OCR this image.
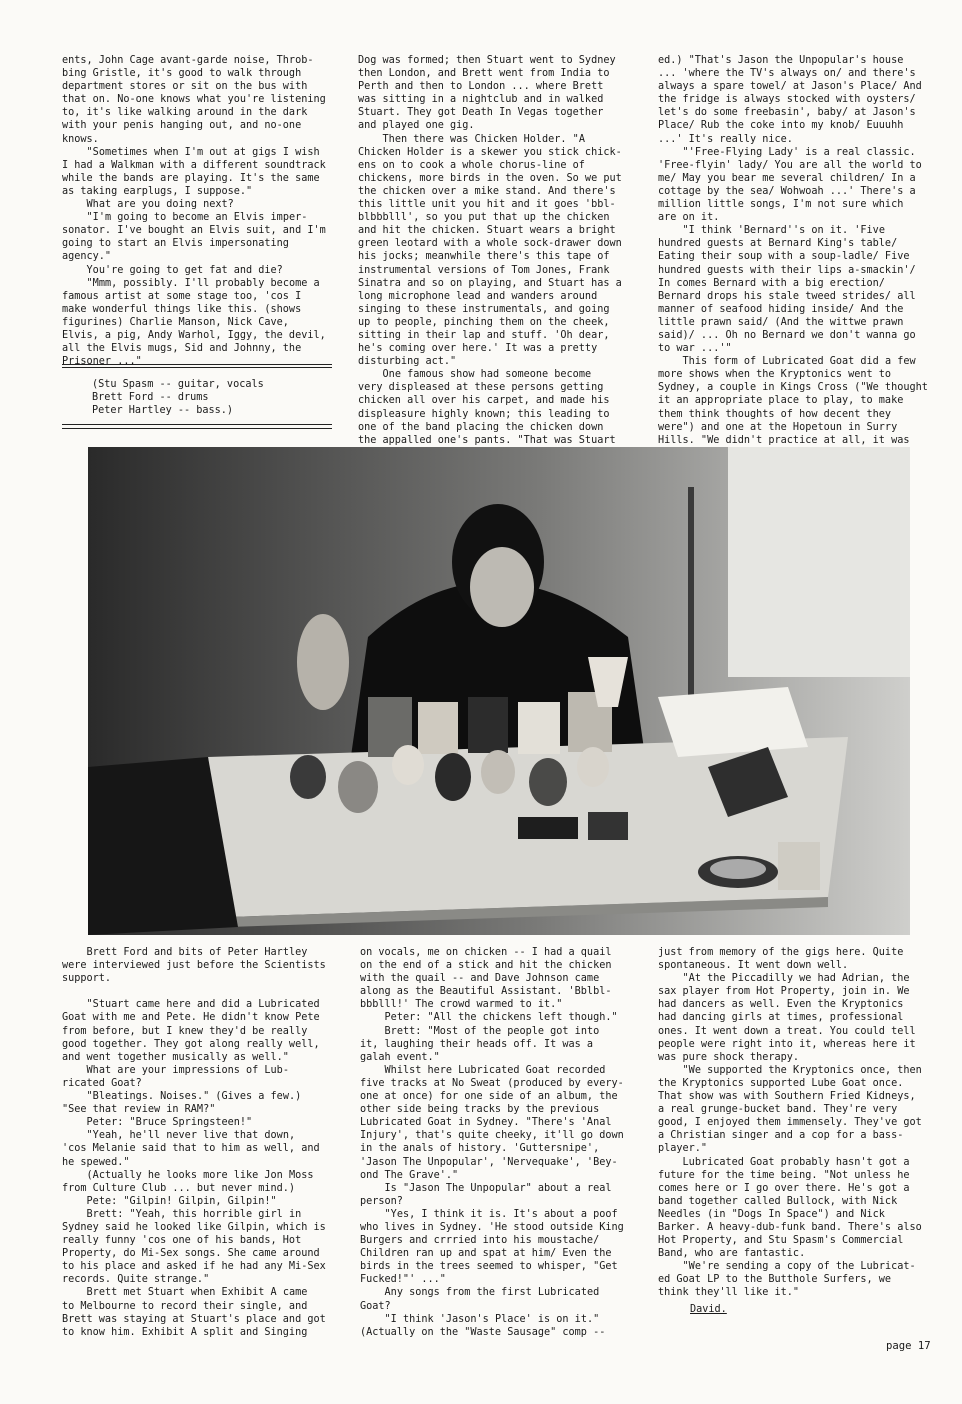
ents, John Cage avant-garde noise, Throb-
bing Gristle, it's good to walk through
department stores or sit on the bus with
that on. No-one knows what you're listening
to, it's like walking around in the dark
with your penis hanging out, and no-one
knows.
"Sometimes when I'm out at gigs I wish
I had a Walkman with a different soundtrack
while the bands are playing. It's the same
as taking earplugs, I suppose."
What are you doing next?
"I'm going to become an Elvis imper-
sonator. I've bought an Elvis suit, and I'm
going to start an Elvis impersonating
agency."
You're going to get fat and die?
"Mmm, possibly. I'll probably become a
famous artist at some stage too, 'cos I
make wonderful things like this. (shows
figurines) Charlie Manson, Nick Cave,
Elvis, a pig, Andy Warhol, Iggy, the devil,
all the Elvis mugs, Sid and Johnny, the
Prisoner ..."
(Stu Spasm -- guitar, vocals
Brett Ford -- drums
Peter Hartley -- bass.)
Dog was formed; then Stuart went to Sydney
then London, and Brett went from India to
Perth and then to London ... where Brett
was sitting in a nightclub and in walked
Stuart. They got Death In Vegas together
and played one gig.
Then there was Chicken Holder. "A
Chicken Holder is a skewer you stick chick-
ens on to cook a whole chorus-line of
chickens, more birds in the oven. So we put
the chicken over a mike stand. And there's
this little unit you hit and it goes 'bbl-
blbbblll', so you put that up the chicken
and hit the chicken. Stuart wears a bright
green leotard with a whole sock-drawer down
his jocks; meanwhile there's this tape of
instrumental versions of Tom Jones, Frank
Sinatra and so on playing, and Stuart has a
long microphone lead and wanders around
singing to these instrumentals, and going
up to people, pinching them on the cheek,
sitting in their lap and stuff. 'Oh dear,
he's coming over here.' It was a pretty
disturbing act."
One famous show had someone become
very displeased at these persons getting
chicken all over his carpet, and made his
displeasure highly known; this leading to
one of the band placing the chicken down
the appalled one's pants. "That was Stuart
ed.) "That's Jason the Unpopular's house
... 'where the TV's always on/ and there's
always a spare towel/ at Jason's Place/ And
the fridge is always stocked with oysters/
let's do some freebasin', baby/ at Jason's
Place/ Rub the coke into my knob/ Euuuhh
...' It's really nice.
"'Free-Flying Lady' is a real classic.
'Free-flyin' lady/ You are all the world to
me/ May you bear me several children/ In a
cottage by the sea/ Wohwoah ...' There's a
million little songs, I'm not sure which
are on it.
"I think 'Bernard''s on it. 'Five
hundred guests at Bernard King's table/
Eating their soup with a soup-ladle/ Five
hundred guests with their lips a-smackin'/
In comes Bernard with a big erection/
Bernard drops his stale tweed strides/ all
manner of seafood hiding inside/ And the
little prawn said/ (And the wittwe prawn
said)/ ... Oh no Bernard we don't wanna go
to war ...'"
This form of Lubricated Goat did a few
more shows when the Kryptonics went to
Sydney, a couple in Kings Cross ("We thought
it an appropriate place to play, to make
them think thoughts of how decent they
were") and one at the Hopetoun in Surry
Hills. "We didn't practice at all, it was
Brett Ford and bits of Peter Hartley
were interviewed just before the Scientists
support.

"Stuart came here and did a Lubricated
Goat with me and Pete. He didn't know Pete
from before, but I knew they'd be really
good together. They got along really well,
and went together musically as well."
What are your impressions of Lub-
ricated Goat?
"Bleatings. Noises." (Gives a few.)
"See that review in RAM?"
Peter: "Bruce Springsteen!"
"Yeah, he'll never live that down,
'cos Melanie said that to him as well, and
he spewed."
(Actually he looks more like Jon Moss
from Culture Club ... but never mind.)
Pete: "Gilpin! Gilpin, Gilpin!"
Brett: "Yeah, this horrible girl in
Sydney said he looked like Gilpin, which is
really funny 'cos one of his bands, Hot
Property, do Mi-Sex songs. She came around
to his place and asked if he had any Mi-Sex
records. Quite strange."
Brett met Stuart when Exhibit A came
to Melbourne to record their single, and
Brett was staying at Stuart's place and got
to know him. Exhibit A split and Singing
on vocals, me on chicken -- I had a quail
on the end of a stick and hit the chicken
with the quail -- and Dave Johnson came
along as the Beautiful Assistant. 'Bblbl-
bbblll!' The crowd warmed to it."
Peter: "All the chickens left though."
Brett: "Most of the people got into
it, laughing their heads off. It was a
galah event."
Whilst here Lubricated Goat recorded
five tracks at No Sweat (produced by every-
one at once) for one side of an album, the
other side being tracks by the previous
Lubricated Goat in Sydney. "There's 'Anal
Injury', that's quite cheeky, it'll go down
in the anals of history. 'Guttersnipe',
'Jason The Unpopular', 'Nervequake', 'Bey-
ond The Grave'."
Is "Jason The Unpopular" about a real
person?
"Yes, I think it is. It's about a poof
who lives in Sydney. 'He stood outside King
Burgers and crrried into his moustache/
Children ran up and spat at him/ Even the
birds in the trees seemed to whisper, "Get
Fucked!"' ..."
Any songs from the first Lubricated
Goat?
"I think 'Jason's Place' is on it."
(Actually on the "Waste Sausage" comp --
just from memory of the gigs here. Quite
spontaneous. It went down well.
"At the Piccadilly we had Adrian, the
sax player from Hot Property, join in. We
had dancers as well. Even the Kryptonics
had dancing girls at times, professional
ones. It went down a treat. You could tell
people were right into it, whereas here it
was pure shock therapy.
"We supported the Kryptonics once, then
the Kryptonics supported Lube Goat once.
That show was with Southern Fried Kidneys,
a real grunge-bucket band. They're very
good, I enjoyed them immensely. They've got
a Christian singer and a cop for a bass-
player."
Lubricated Goat probably hasn't got a
future for the time being. "Not unless he
comes here or I go over there. He's got a
band together called Bullock, with Nick
Needles (in "Dogs In Space") and Nick
Barker. A heavy-dub-funk band. There's also
Hot Property, and Stu Spasm's Commercial
Band, who are fantastic.
"We're sending a copy of the Lubricat-
ed Goat LP to the Butthole Surfers, we
think they'll like it."
David.
page 17
